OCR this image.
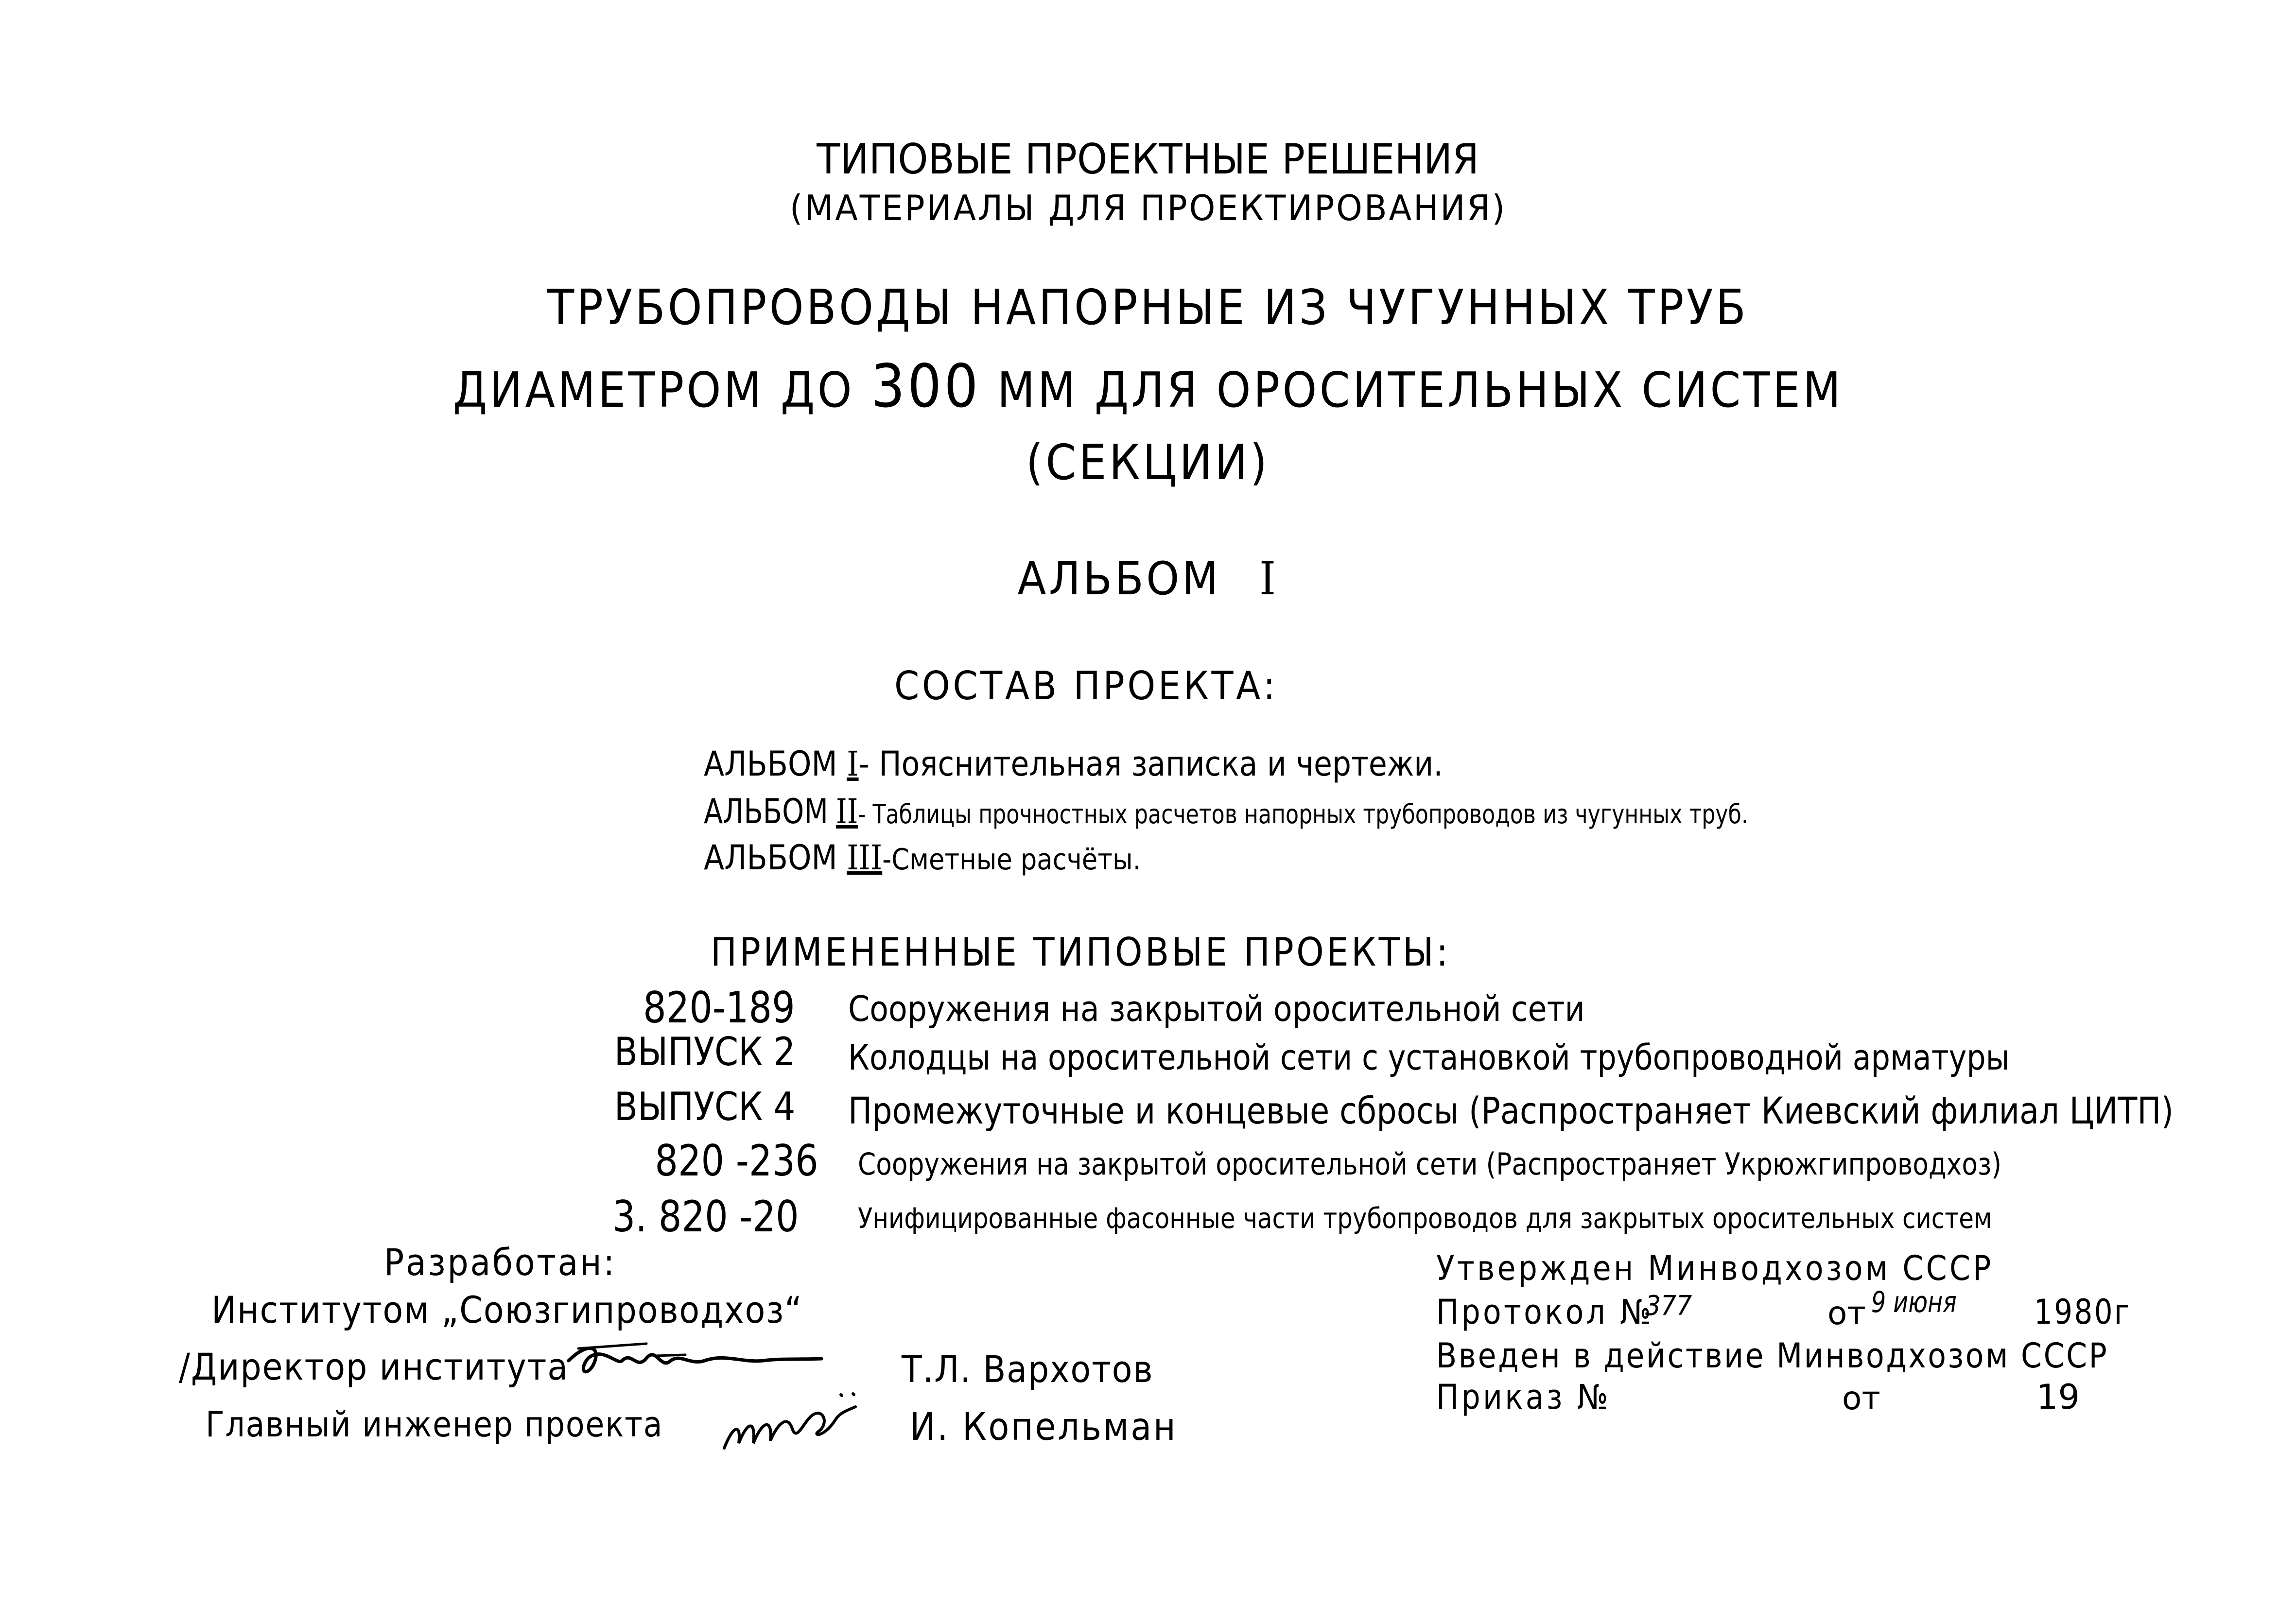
ТИПОВЫЕ ПРОЕКТНЫЕ РЕШЕНИЯ
(МАТЕРИАЛЫ ДЛЯ ПРОЕКТИРОВАНИЯ)
ТРУБОПРОВОДЫ НАПОРНЫЕ ИЗ ЧУГУННЫХ ТРУБ
ДИАМЕТРОМ ДО 300 ММ ДЛЯ ОРОСИТЕЛЬНЫХ СИСТЕМ
(СЕКЦИИ)
АЛЬБОМ I
СОСТАВ ПРОЕКТА:
АЛЬБОМ I- Пояснительная записка и чертежи.
АЛЬБОМ II- Таблицы прочностных расчетов напорных трубопроводов из чугунных труб.
АЛЬБОМ III-Сметные расчёты.
ПРИМЕНЕННЫЕ ТИПОВЫЕ ПРОЕКТЫ:
820-189 Сооружения на закрытой оросительной сети
ВЫПУСК 2 Колодцы на оросительной сети с установкой трубопроводной арматуры
ВЫПУСК 4 Промежуточные и концевые сбросы (Распространяет Киевский филиал ЦИТП)
820 -236 Сооружения на закрытой оросительной сети (Распространяет Укрюжгипроводхоз)
3. 820 -20 Унифицированные фасонные части трубопроводов для закрытых оросительных систем
Разработан:
Институтом „Союзгипроводхоз“
/Директор института	Т.Л. Вархотов
Главный инженер проекта	И. Копельман
Утвержден Минводхозом СССР
Протокол №
377	от 9 июня	1980г
Введен в действие Минводхозом СССР
Приказ №	от	19
